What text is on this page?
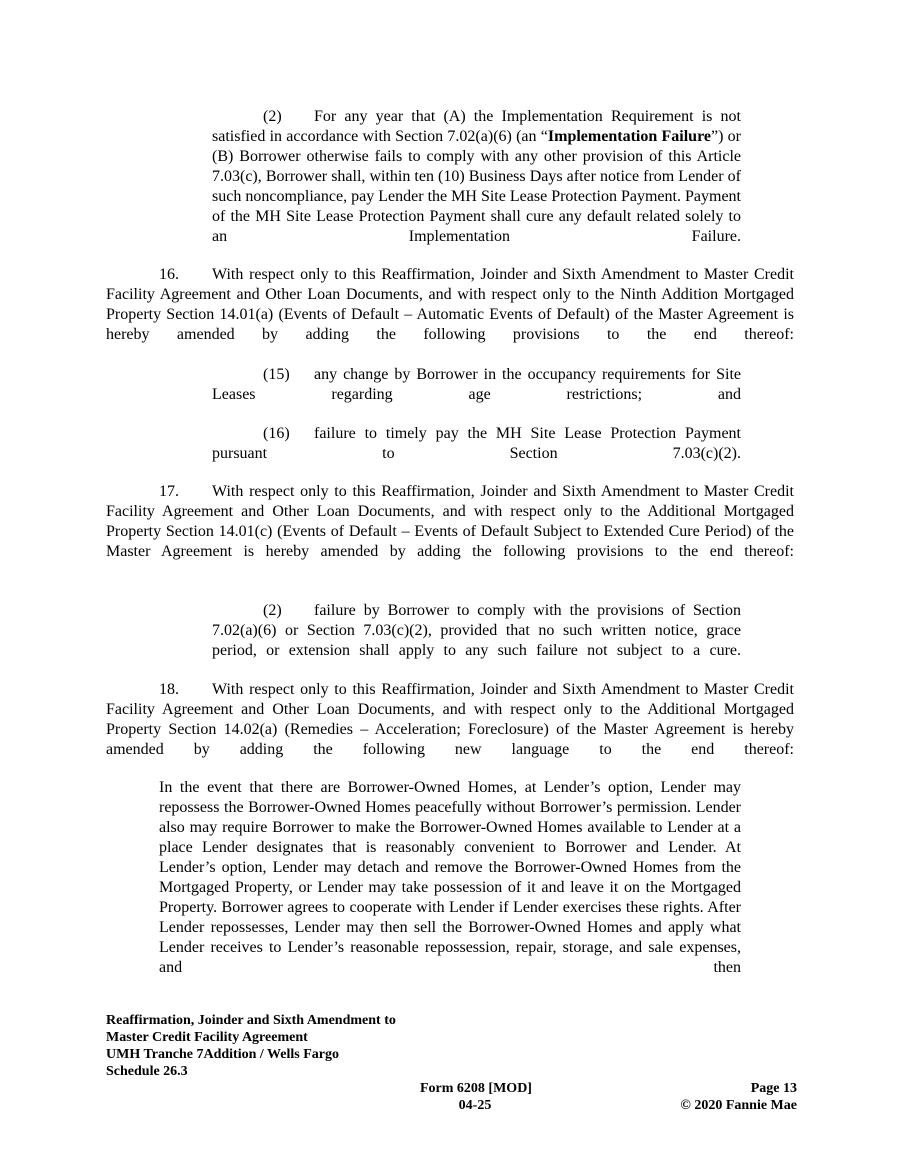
(2) For any year that (A) the Implementation Requirement is not satisfied in accordance with Section 7.02(a)(6) (an “Implementation Failure”) or (B) Borrower otherwise fails to comply with any other provision of this Article 7.03(c), Borrower shall, within ten (10) Business Days after notice from Lender of such noncompliance, pay Lender the MH Site Lease Protection Payment. Payment of the MH Site Lease Protection Payment shall cure any default related solely to an Implementation Failure.

16. With respect only to this Reaffirmation, Joinder and Sixth Amendment to Master Credit Facility Agreement and Other Loan Documents, and with respect only to the Ninth Addition Mortgaged Property Section 14.01(a) (Events of Default – Automatic Events of Default) of the Master Agreement is hereby amended by adding the following provisions to the end thereof:

(15) any change by Borrower in the occupancy requirements for Site Leases regarding age restrictions; and

(16) failure to timely pay the MH Site Lease Protection Payment pursuant to Section 7.03(c)(2).

17. With respect only to this Reaffirmation, Joinder and Sixth Amendment to Master Credit Facility Agreement and Other Loan Documents, and with respect only to the Additional Mortgaged Property Section 14.01(c) (Events of Default – Events of Default Subject to Extended Cure Period) of the Master Agreement is hereby amended by adding the following provisions to the end thereof:

(2) failure by Borrower to comply with the provisions of Section 7.02(a)(6) or Section 7.03(c)(2), provided that no such written notice, grace period, or extension shall apply to any such failure not subject to a cure.

18. With respect only to this Reaffirmation, Joinder and Sixth Amendment to Master Credit Facility Agreement and Other Loan Documents, and with respect only to the Additional Mortgaged Property Section 14.02(a) (Remedies – Acceleration; Foreclosure) of the Master Agreement is hereby amended by adding the following new language to the end thereof:

In the event that there are Borrower-Owned Homes, at Lender’s option, Lender may repossess the Borrower-Owned Homes peacefully without Borrower’s permission. Lender also may require Borrower to make the Borrower-Owned Homes available to Lender at a place Lender designates that is reasonably convenient to Borrower and Lender. At Lender’s option, Lender may detach and remove the Borrower-Owned Homes from the Mortgaged Property, or Lender may take possession of it and leave it on the Mortgaged Property. Borrower agrees to cooperate with Lender if Lender exercises these rights. After Lender repossesses, Lender may then sell the Borrower-Owned Homes and apply what Lender receives to Lender’s reasonable repossession, repair, storage, and sale expenses, and then

Reaffirmation, Joinder and Sixth Amendment to
Master Credit Facility Agreement
UMH Tranche 7Addition / Wells Fargo
Schedule 26.3
Form 6208 [MOD]
04-25
Page 13
© 2020 Fannie Mae
